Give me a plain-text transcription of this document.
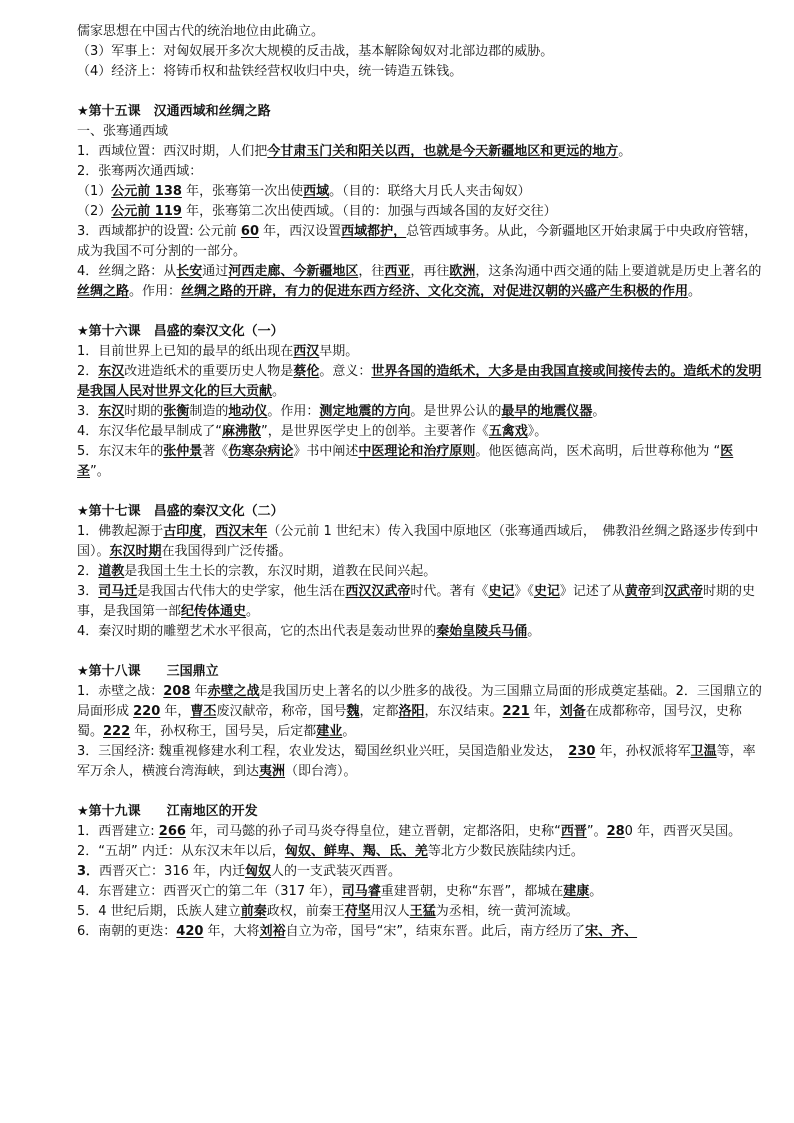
儒家思想在中国古代的统治地位由此确立。

（3）军事上：对匈奴展开多次大规模的反击战，基本解除匈奴对北部边郡的威胁。

（4）经济上：将铸币权和盐铁经营权收归中央，统一铸造五铢钱。

★第十五课　汉通西域和丝绸之路

一、张骞通西域

1．西域位置：西汉时期，人们把今甘肃玉门关和阳关以西，也就是今天新疆地区和更远的地方。

2．张骞两次通西域：

（1）公元前 138 年，张骞第一次出使西域。（目的：联络大月氏人夹击匈奴）

（2）公元前 119 年，张骞第二次出使西域。（目的：加强与西域各国的友好交往）

3．西域都护的设置: 公元前 60 年，西汉设置西域都护，总管西域事务。从此，今新疆地区开始隶属于中央政府管辖，成为我国不可分割的一部分。

4．丝绸之路：从长安通过河西走廊、今新疆地区，往西亚，再往欧洲，这条沟通中西交通的陆上要道就是历史上著名的丝绸之路。作用：丝绸之路的开辟，有力的促进东西方经济、文化交流，对促进汉朝的兴盛产生积极的作用。

★第十六课　昌盛的秦汉文化（一）

1．目前世界上已知的最早的纸出现在西汉早期。

2．东汉改进造纸术的重要历史人物是蔡伦。意义：世界各国的造纸术，大多是由我国直接或间接传去的。造纸术的发明是我国人民对世界文化的巨大贡献。

3．东汉时期的张衡制造的地动仪。作用：测定地震的方向。是世界公认的最早的地震仪器。

4．东汉华佗最早制成了“麻沸散”，是世界医学史上的创举。主要著作《五禽戏》。

5．东汉末年的张仲景著《伤寒杂病论》书中阐述中医理论和治疗原则。他医德高尚，医术高明，后世尊称他为 “医圣”。

★第十七课　昌盛的秦汉文化（二）

1．佛教起源于古印度，西汉末年（公元前 1 世纪末）传入我国中原地区（张骞通西域后，　佛教沿丝绸之路逐步传到中国）。东汉时期在我国得到广泛传播。

2．道教是我国土生土长的宗教，东汉时期，道教在民间兴起。

3．司马迁是我国古代伟大的史学家，他生活在西汉汉武帝时代。著有《史记》《史记》记述了从黄帝到汉武帝时期的史事，是我国第一部纪传体通史。

4．秦汉时期的雕塑艺术水平很高，它的杰出代表是轰动世界的秦始皇陵兵马俑。

★第十八课　　三国鼎立

1．赤壁之战：208 年赤壁之战是我国历史上著名的以少胜多的战役。为三国鼎立局面的形成奠定基础。2．三国鼎立的局面形成 220 年，曹丕废汉献帝，称帝，国号魏，定都洛阳，东汉结束。221 年，刘备在成都称帝，国号汉，史称蜀。222 年，孙权称王，国号吴，后定都建业。

3．三国经济: 魏重视修建水利工程，农业发达，蜀国丝织业兴旺，吴国造船业发达，　230 年，孙权派将军卫温等，率军万余人，横渡台湾海峡，到达夷洲（即台湾）。

★第十九课　　江南地区的开发

1．西晋建立: 266 年，司马懿的孙子司马炎夺得皇位，建立晋朝，定都洛阳，史称“西晋”。280 年，西晋灭吴国。

2．“五胡” 内迁：从东汉末年以后，匈奴、鲜卑、羯、氐、羌等北方少数民族陆续内迁。

3．西晋灭亡：316 年，内迁匈奴人的一支武装灭西晋。

4．东晋建立：西晋灭亡的第二年（317 年），司马睿重建晋朝，史称“东晋”，都城在建康。

5．4 世纪后期，氐族人建立前秦政权，前秦王苻坚用汉人王猛为丞相，统一黄河流域。

6．南朝的更迭：420 年，大将刘裕自立为帝，国号“宋”，结束东晋。此后，南方经历了宋、齐、
